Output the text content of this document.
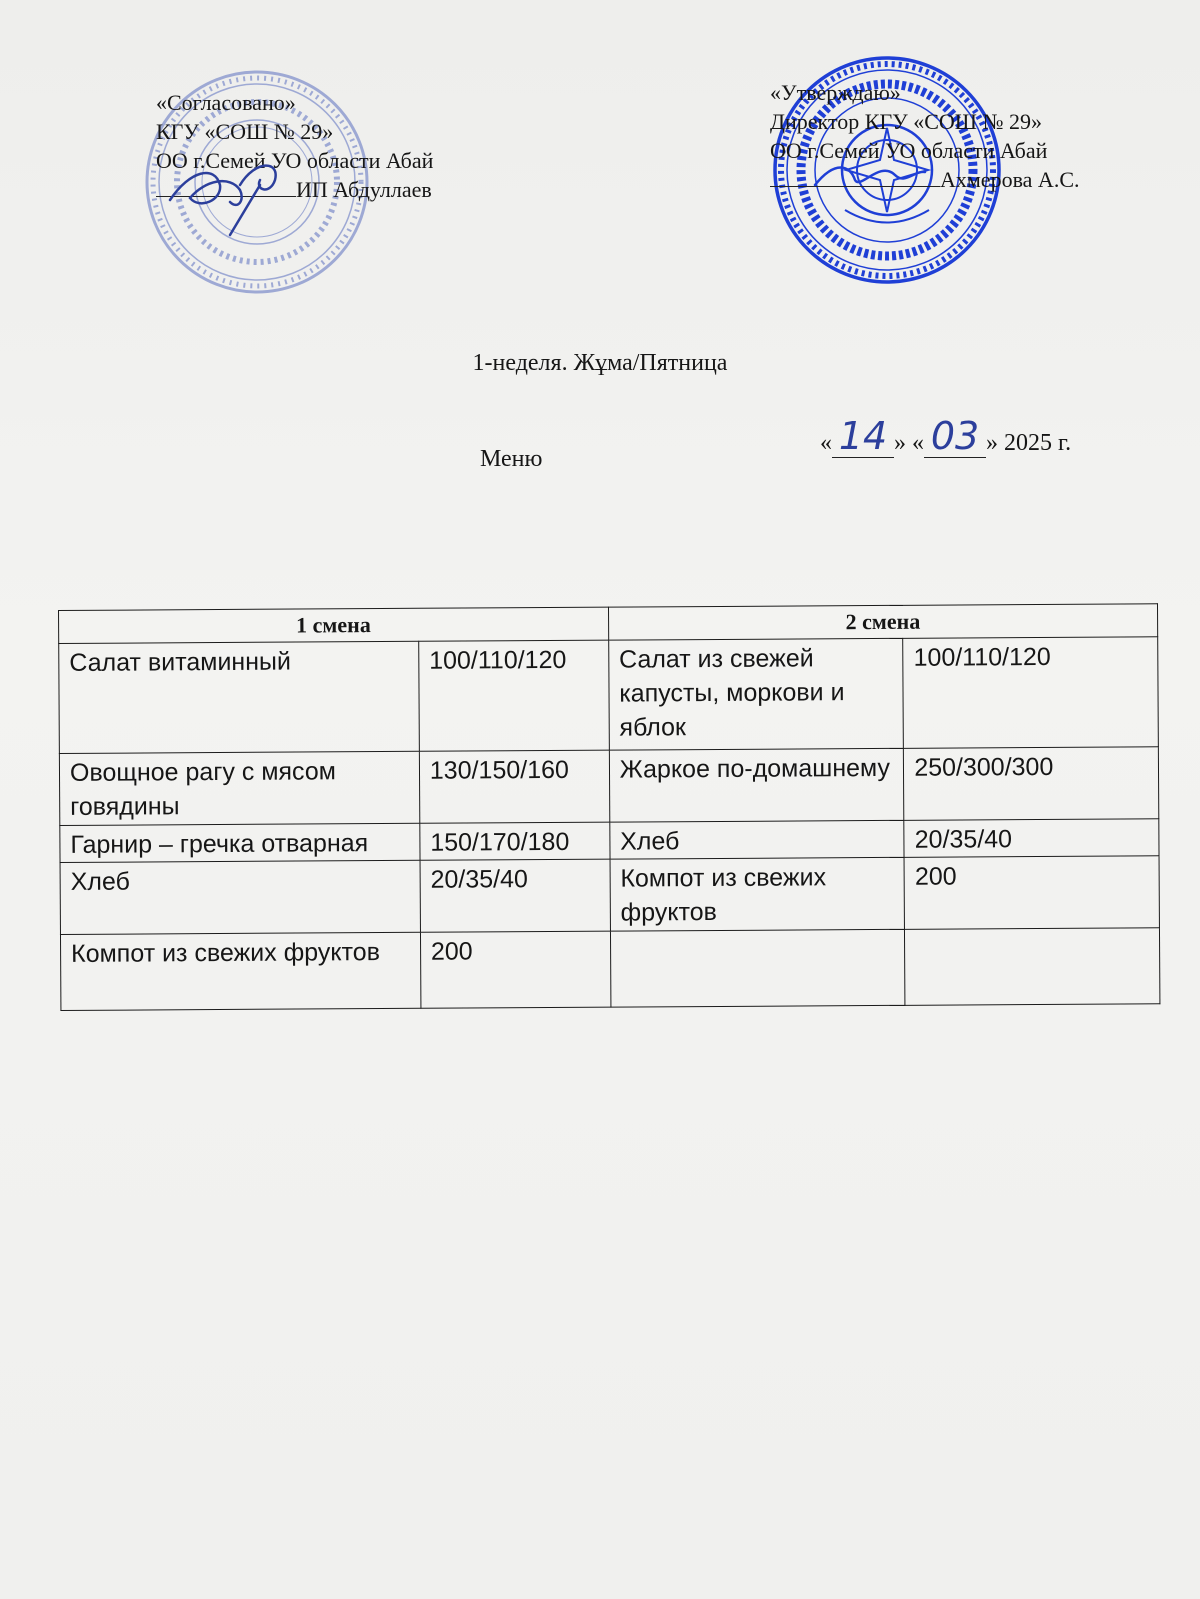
«Согласовано»
КГУ «СОШ № 29»
ОО г.Семей УО области Абай
ИП Абдуллаев
«Утверждаю»
Директор КГУ «СОШ № 29»
ОО г.Семей УО области Абай
Ахмерова А.С.
1-неделя. Жұма/Пятница
Меню
« 14 » « 03 » 2025 г.
1 смена		2 смена	
Салат витаминный	100/110/120	Салат из свежей капусты, моркови и яблок	100/110/120
Овощное рагу с мясом говядины	130/150/160	Жаркое по-домашнему	250/300/300
Гарнир – гречка отварная	150/170/180	Хлеб	20/35/40
Хлеб	20/35/40	Компот из свежих фруктов	200
Компот из свежих фруктов	200		
